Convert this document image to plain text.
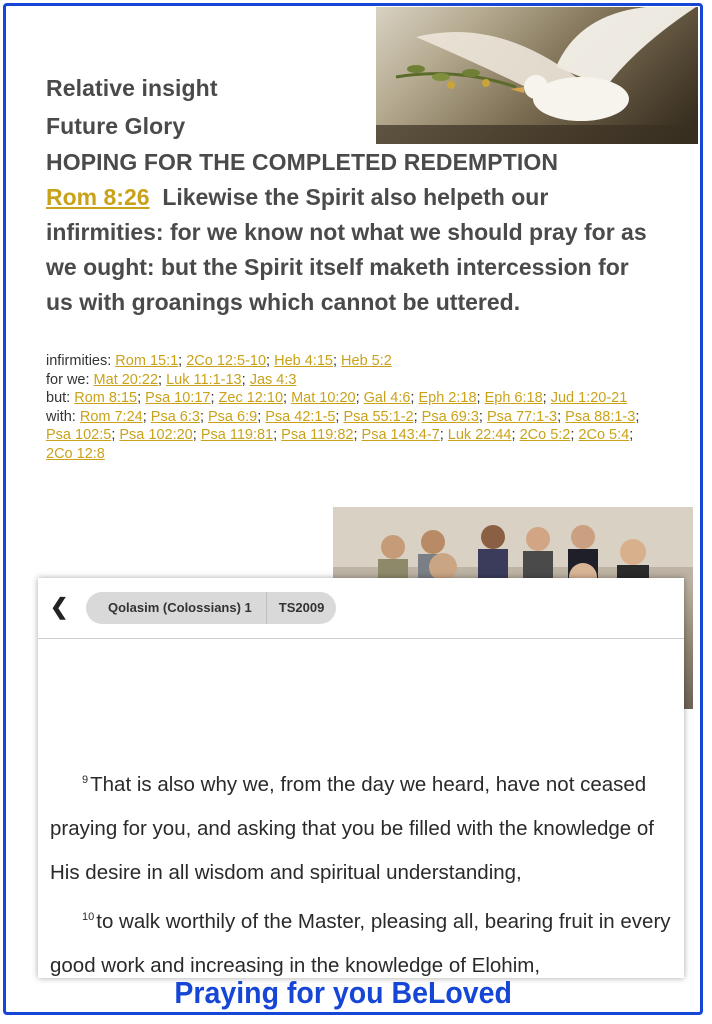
Relative insight
Future Glory
HOPING FOR THE COMPLETED REDEMPTION
Rom 8:26 Likewise the Spirit also helpeth our infirmities: for we know not what we should pray for as we ought: but the Spirit itself maketh intercession for us with groanings which cannot be uttered.
infirmities: Rom 15:1; 2Co 12:5-10; Heb 4:15; Heb 5:2
for we: Mat 20:22; Luk 11:1-13; Jas 4:3
but: Rom 8:15; Psa 10:17; Zec 12:10; Mat 10:20; Gal 4:6; Eph 2:18; Eph 6:18; Jud 1:20-21
with: Rom 7:24; Psa 6:3; Psa 6:9; Psa 42:1-5; Psa 55:1-2; Psa 69:3; Psa 77:1-3; Psa 88:1-3; Psa 102:5; Psa 102:20; Psa 119:81; Psa 119:82; Psa 143:4-7; Luk 22:44; 2Co 5:2; 2Co 5:4; 2Co 12:8
❮	Qolasim (Colossians) 1	TS2009
$^9$That is also why we, from the day we heard, have not ceased praying for you, and asking that you be filled with the knowledge of His desire in all wisdom and spiritual understanding,
$^{10}$to walk worthily of the Master, pleasing all, bearing fruit in every good work and increasing in the knowledge of Elohim,
Praying for you BeLoved
